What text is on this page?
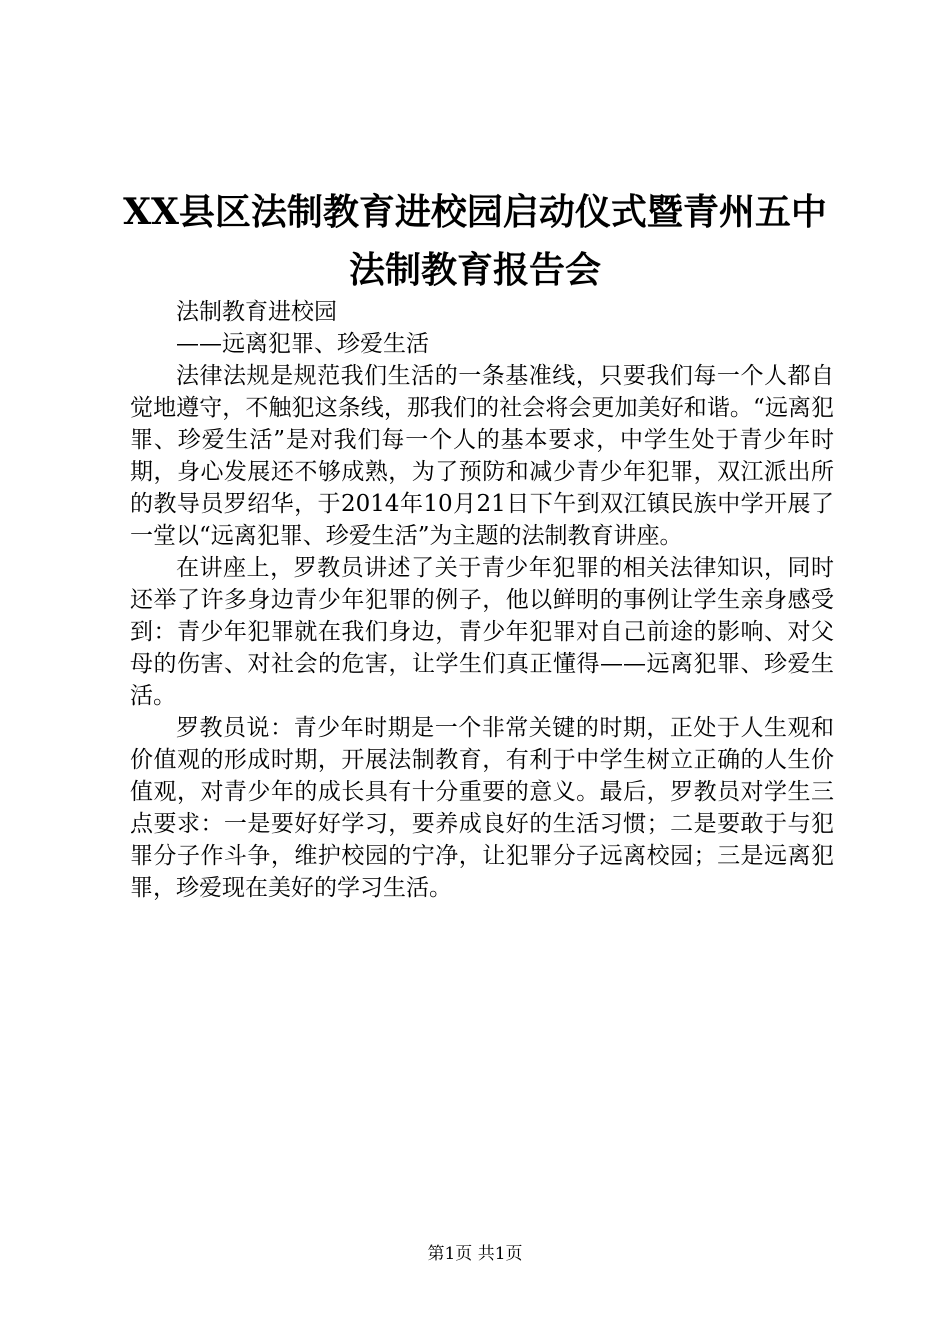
XX县区法制教育进校园启动仪式暨青州五中
法制教育报告会

法制教育进校园

——远离犯罪、珍爱生活

法律法规是规范我们生活的一条基准线，只要我们每一个人都自觉地遵守，不触犯这条线，那我们的社会将会更加美好和谐。“远离犯罪、珍爱生活”是对我们每一个人的基本要求，中学生处于青少年时期，身心发展还不够成熟，为了预防和减少青少年犯罪，双江派出所的教导员罗绍华，于2014年10月21日下午到双江镇民族中学开展了一堂以“远离犯罪、珍爱生活”为主题的法制教育讲座。

在讲座上，罗教员讲述了关于青少年犯罪的相关法律知识，同时还举了许多身边青少年犯罪的例子，他以鲜明的事例让学生亲身感受到：青少年犯罪就在我们身边，青少年犯罪对自己前途的影响、对父母的伤害、对社会的危害，让学生们真正懂得——远离犯罪、珍爱生活。

罗教员说：青少年时期是一个非常关键的时期，正处于人生观和价值观的形成时期，开展法制教育，有利于中学生树立正确的人生价值观，对青少年的成长具有十分重要的意义。最后，罗教员对学生三点要求：一是要好好学习，要养成良好的生活习惯；二是要敢于与犯罪分子作斗争，维护校园的宁净，让犯罪分子远离校园；三是远离犯罪，珍爱现在美好的学习生活。

第1页 共1页
